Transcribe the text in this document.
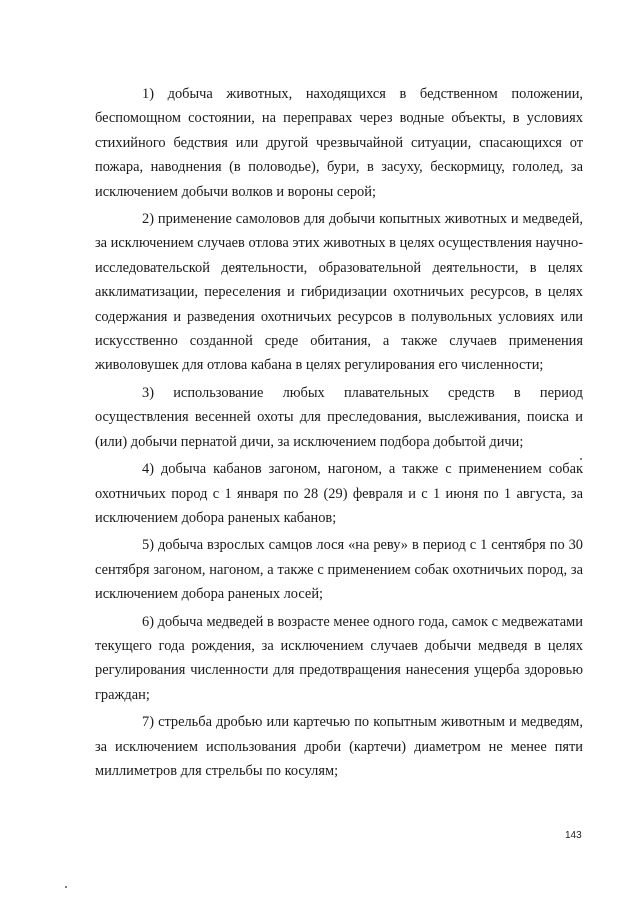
1) добыча животных, находящихся в бедственном положении, беспомощном состоянии, на переправах через водные объекты, в условиях стихийного бедствия или другой чрезвычайной ситуации, спасающихся от пожара, наводнения (в половодье), бури, в засуху, бескормицу, гололед, за исключением добычи волков и вороны серой;

2) применение самоловов для добычи копытных животных и медведей, за исключением случаев отлова этих животных в целях осуществления научно-исследовательской деятельности, образовательной деятельности, в целях акклиматизации, переселения и гибридизации охотничьих ресурсов, в целях содержания и разведения охотничьих ресурсов в полувольных условиях или искусственно созданной среде обитания, а также случаев применения живоловушек для отлова кабана в целях регулирования его численности;

3) использование любых плавательных средств в период осуществления весенней охоты для преследования, выслеживания, поиска и (или) добычи пернатой дичи, за исключением подбора добытой дичи;

4) добыча кабанов загоном, нагоном, а также с применением собак охотничьих пород с 1 января по 28 (29) февраля и с 1 июня по 1 августа, за исключением добора раненых кабанов;

5) добыча взрослых самцов лося «на реву» в период с 1 сентября по 30 сентября загоном, нагоном, а также с применением собак охотничьих пород, за исключением добора раненых лосей;

6) добыча медведей в возрасте менее одного года, самок с медвежатами текущего года рождения, за исключением случаев добычи медведя в целях регулирования численности для предотвращения нанесения ущерба здоровью граждан;

7) стрельба дробью или картечью по копытным животным и медведям, за исключением использования дроби (картечи) диаметром не менее пяти миллиметров для стрельбы по косулям;

143
